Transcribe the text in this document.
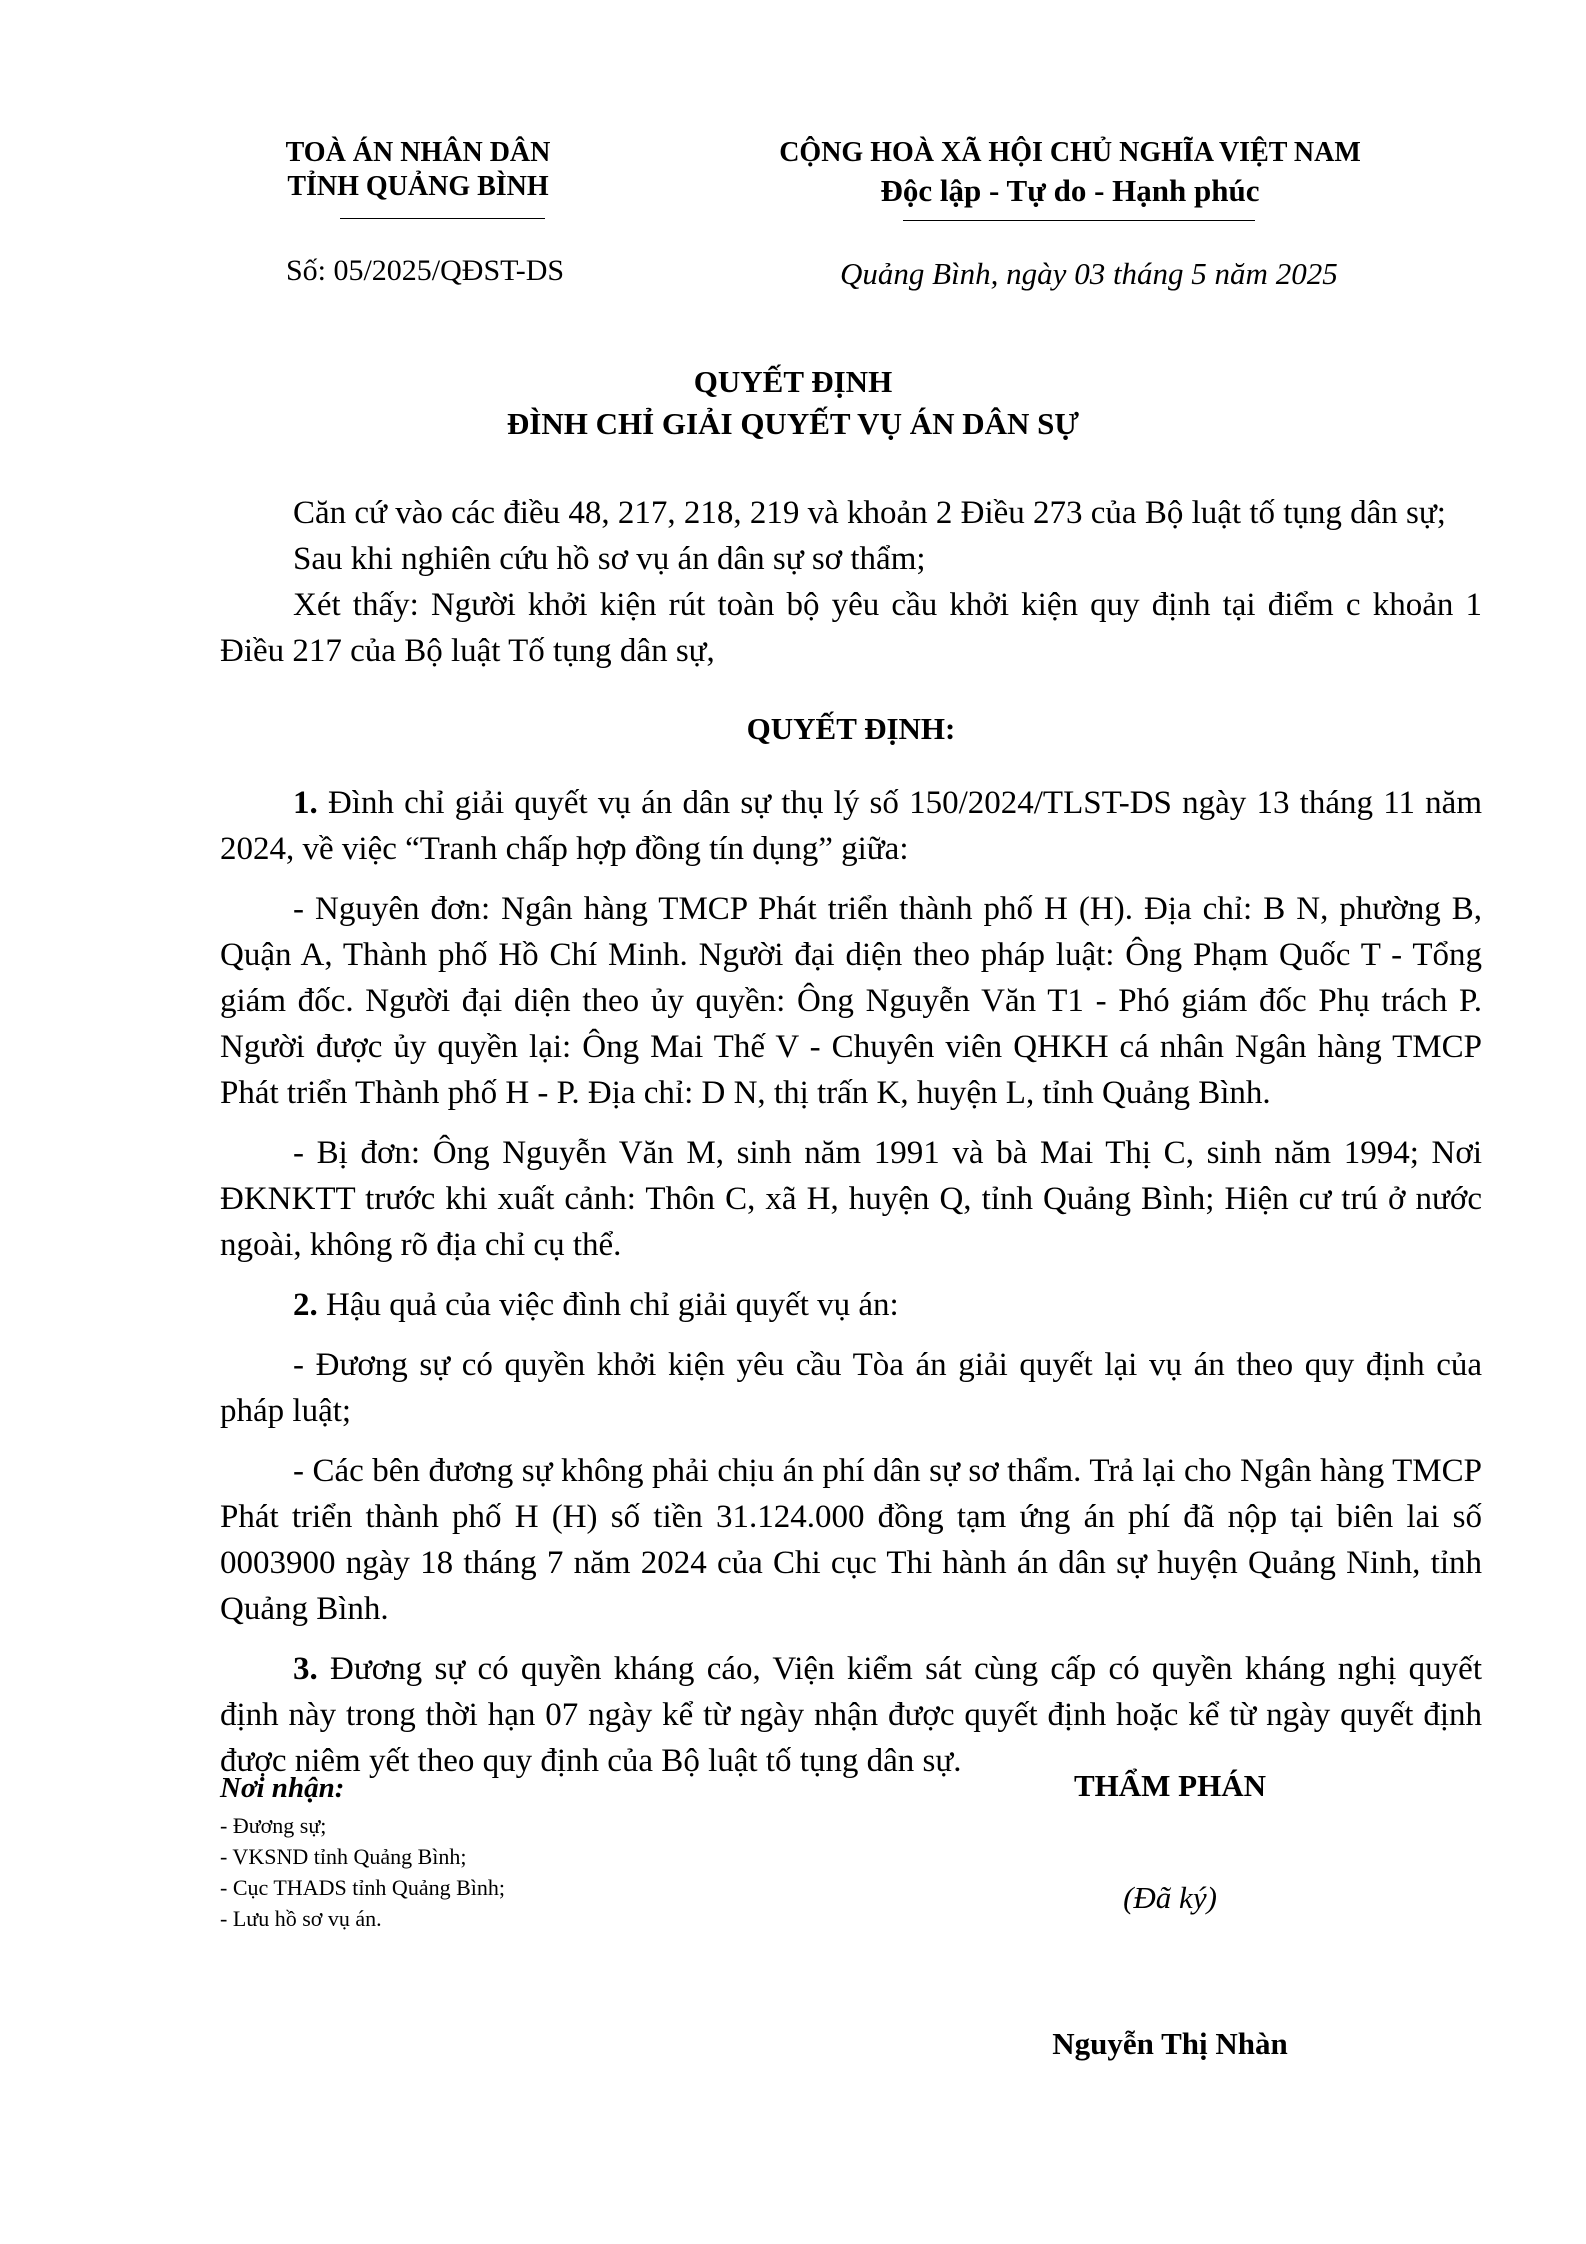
TOÀ ÁN NHÂN DÂN
TỈNH QUẢNG BÌNH
Số: 05/2025/QĐST-DS
CỘNG HOÀ XÃ HỘI CHỦ NGHĨA VIỆT NAM
Độc lập - Tự do - Hạnh phúc
Quảng Bình, ngày 03 tháng 5 năm 2025
QUYẾT ĐỊNH
ĐÌNH CHỈ GIẢI QUYẾT VỤ ÁN DÂN SỰ

Căn cứ vào các điều 48, 217, 218, 219 và khoản 2 Điều 273 của Bộ luật tố tụng dân sự;

Sau khi nghiên cứu hồ sơ vụ án dân sự sơ thẩm;

Xét thấy: Người khởi kiện rút toàn bộ yêu cầu khởi kiện quy định tại điểm c khoản 1 Điều 217 của Bộ luật Tố tụng dân sự,

QUYẾT ĐỊNH:

1. Đình chỉ giải quyết vụ án dân sự thụ lý số 150/2024/TLST-DS ngày 13 tháng 11 năm 2024, về việc “Tranh chấp hợp đồng tín dụng” giữa:

- Nguyên đơn: Ngân hàng TMCP Phát triển thành phố H (H). Địa chỉ: B N, phường B, Quận A, Thành phố Hồ Chí Minh. Người đại diện theo pháp luật: Ông Phạm Quốc T - Tổng giám đốc. Người đại diện theo ủy quyền: Ông Nguyễn Văn T1 - Phó giám đốc Phụ trách P. Người được ủy quyền lại: Ông Mai Thế V - Chuyên viên QHKH cá nhân Ngân hàng TMCP Phát triển Thành phố H - P. Địa chỉ: D N, thị trấn K, huyện L, tỉnh Quảng Bình.

- Bị đơn: Ông Nguyễn Văn M, sinh năm 1991 và bà Mai Thị C, sinh năm 1994; Nơi ĐKNKTT trước khi xuất cảnh: Thôn C, xã H, huyện Q, tỉnh Quảng Bình; Hiện cư trú ở nước ngoài, không rõ địa chỉ cụ thể.

2. Hậu quả của việc đình chỉ giải quyết vụ án:

- Đương sự có quyền khởi kiện yêu cầu Tòa án giải quyết lại vụ án theo quy định của pháp luật;

- Các bên đương sự không phải chịu án phí dân sự sơ thẩm. Trả lại cho Ngân hàng TMCP Phát triển thành phố H (H) số tiền 31.124.000 đồng tạm ứng án phí đã nộp tại biên lai số 0003900 ngày 18 tháng 7 năm 2024 của Chi cục Thi hành án dân sự huyện Quảng Ninh, tỉnh Quảng Bình.

3. Đương sự có quyền kháng cáo, Viện kiểm sát cùng cấp có quyền kháng nghị quyết định này trong thời hạn 07 ngày kể từ ngày nhận được quyết định hoặc kể từ ngày quyết định được niêm yết theo quy định của Bộ luật tố tụng dân sự.

Nơi nhận:
- Đương sự;
- VKSND tỉnh Quảng Bình;
- Cục THADS tỉnh Quảng Bình;
- Lưu hồ sơ vụ án.
THẨM PHÁN
(Đã ký)
Nguyễn Thị Nhàn
